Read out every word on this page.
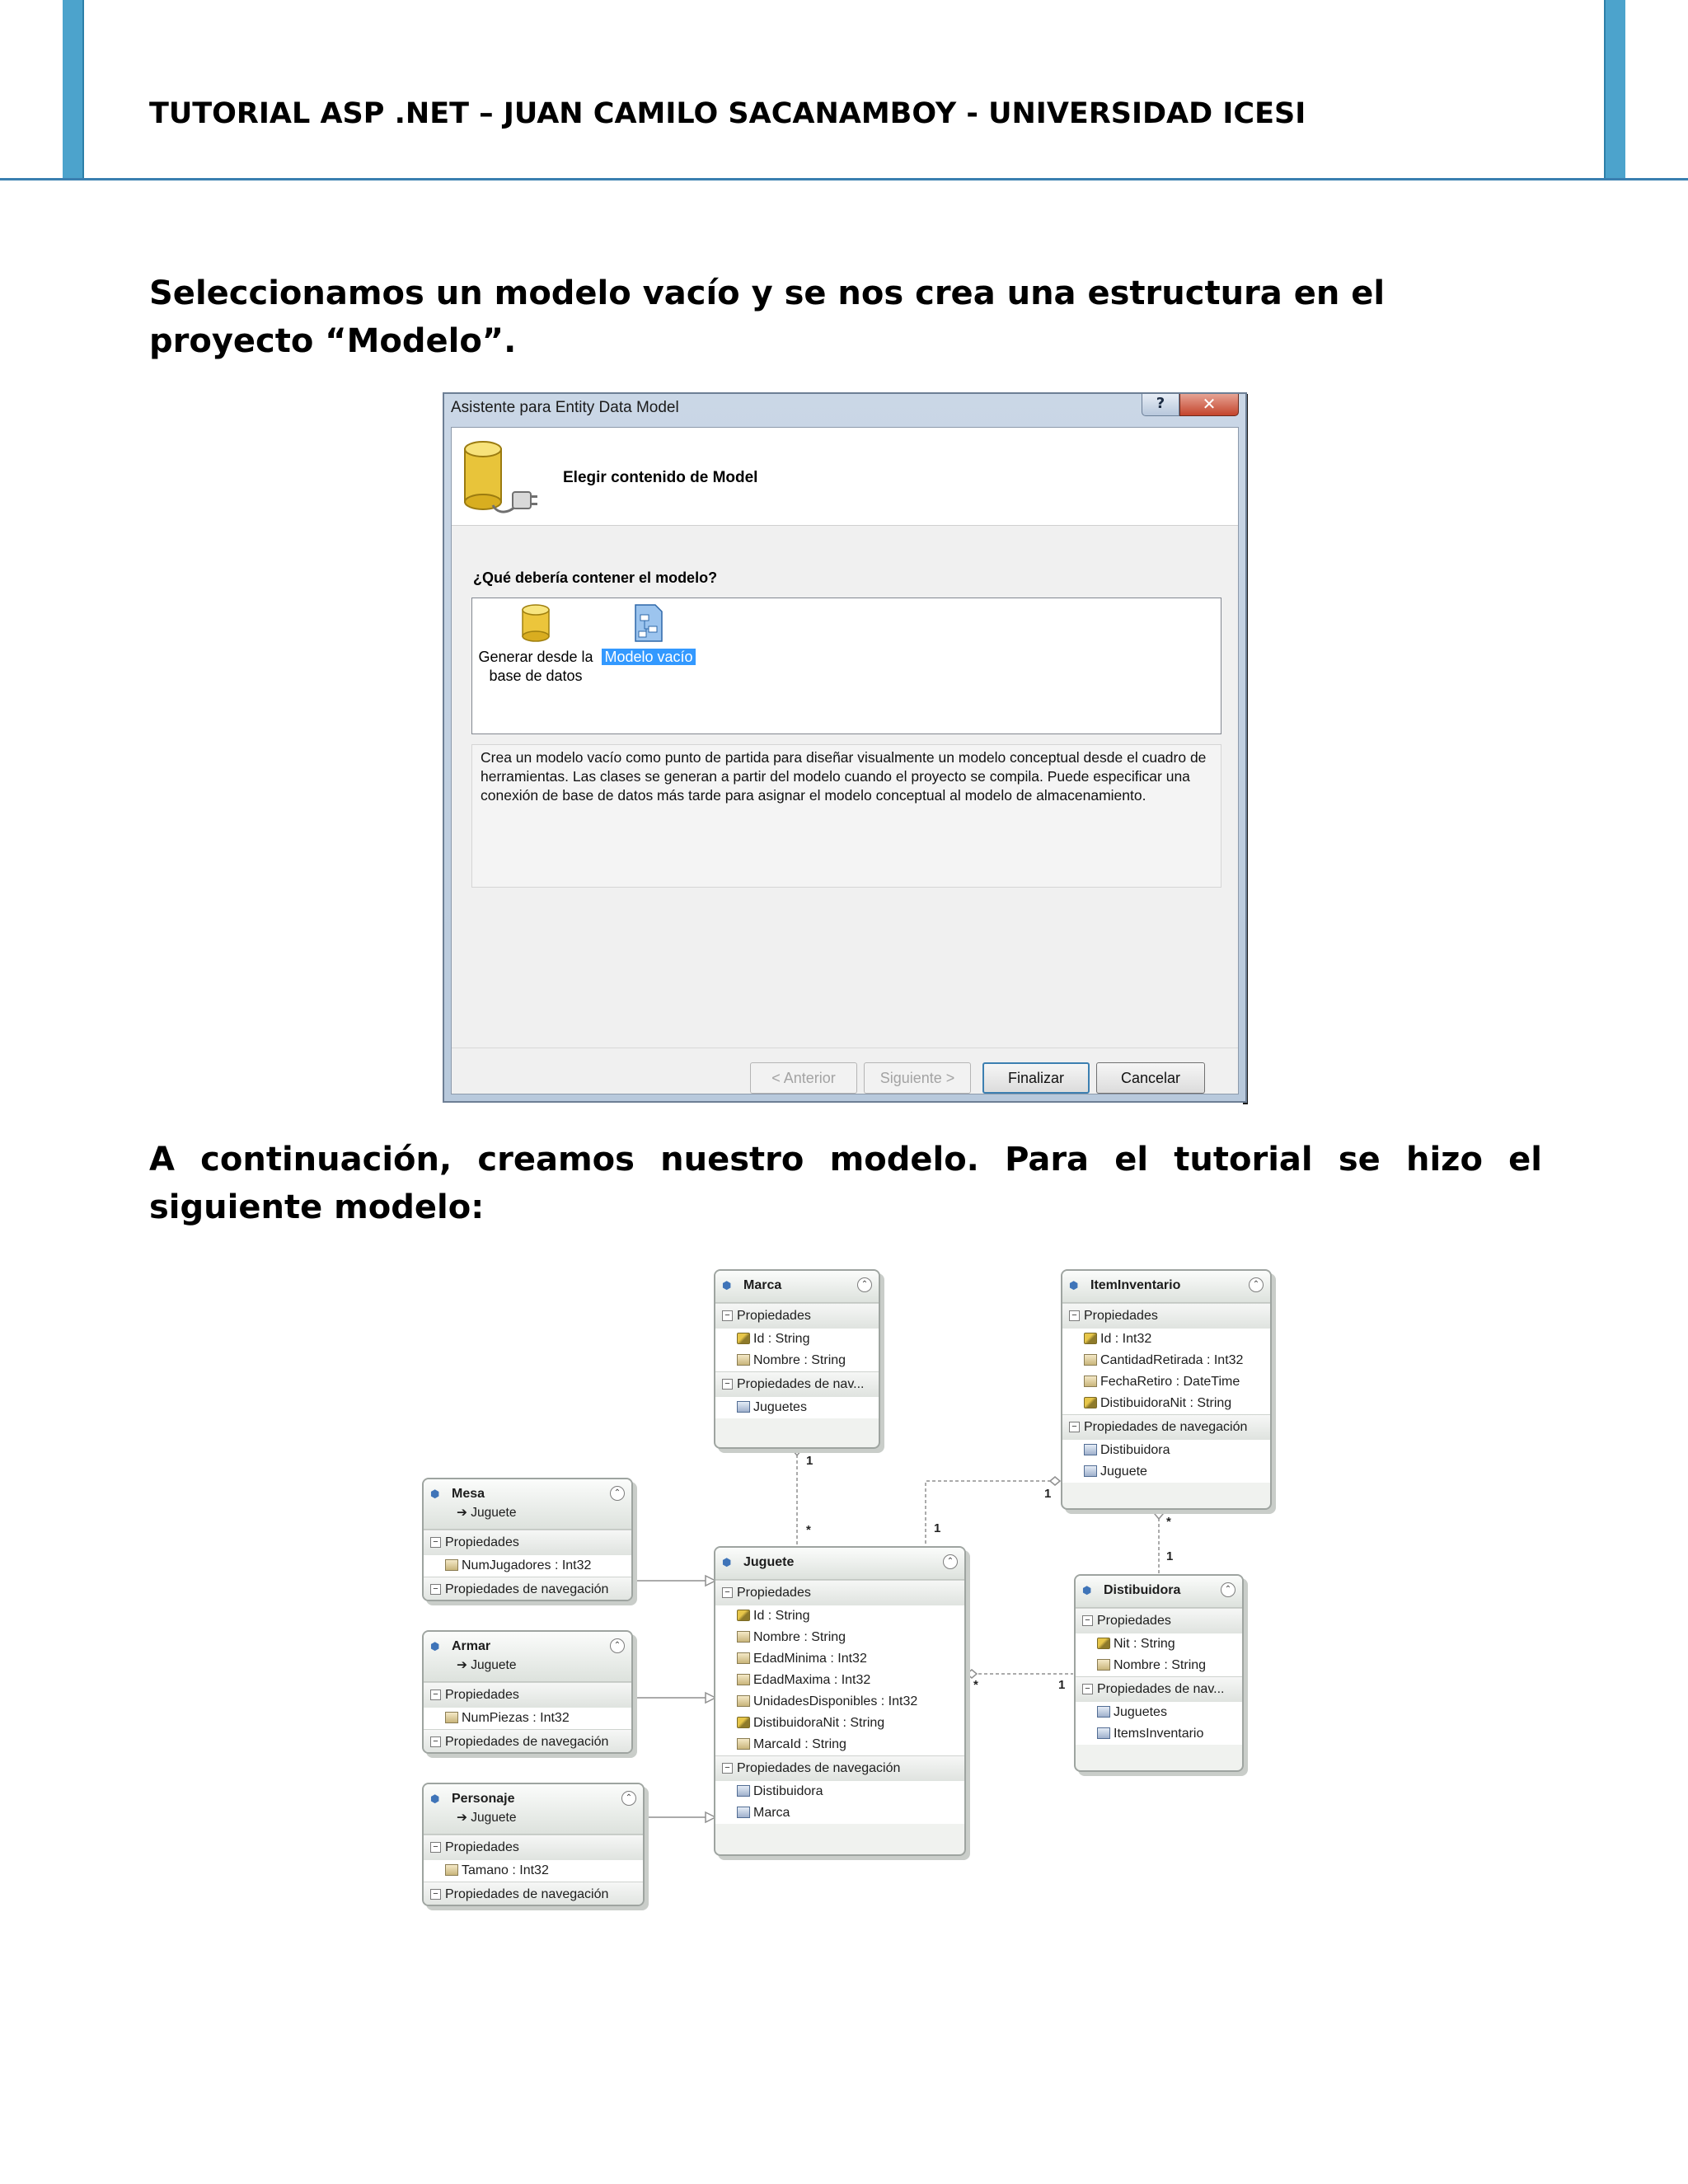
TUTORIAL ASP .NET – JUAN CAMILO SACANAMBOY - UNIVERSIDAD ICESI
Seleccionamos un modelo vacío y se nos crea una estructura en el proyecto “Modelo”.
Asistente para Entity Data Model	?	✕
Elegir contenido de Model
¿Qué debería contener el modelo?

Generar desde la
base de datos

Modelo vacío
Crea un modelo vacío como punto de partida para diseñar visualmente un modelo conceptual desde el cuadro de herramientas. Las clases se generan a partir del modelo cuando el proyecto se compila. Puede especificar una conexión de base de datos más tarde para asignar el modelo conceptual al modelo de almacenamiento.
< Anterior	Siguiente >	Finalizar	Cancelar
A continuación, creamos nuestro modelo. Para el tutorial se hizo el siguiente modelo:
1
*	1
1
*
1
*	1
⬢ Marca	⌃
− Propiedades
Id : String
Nombre : String
− Propiedades de nav...
Juguetes
⬢ ItemInventario	⌃
− Propiedades
Id : Int32
CantidadRetirada : Int32
FechaRetiro : DateTime
DistibuidoraNit : String
− Propiedades de navegación
Distibuidora
Juguete
⬢ Mesa
➔ Juguete
⌃
− Propiedades
NumJugadores : Int32
− Propiedades de navegación
⬢ Armar
➔ Juguete
⌃
− Propiedades
NumPiezas : Int32
− Propiedades de navegación
⬢ Personaje
➔ Juguete
⌃
− Propiedades
Tamano : Int32
− Propiedades de navegación
⬢ Juguete	⌃
− Propiedades
Id : String
Nombre : String
EdadMinima : Int32
EdadMaxima : Int32
UnidadesDisponibles : Int32
DistibuidoraNit : String
MarcaId : String
− Propiedades de navegación
Distibuidora
Marca
⬢ Distibuidora	⌃
− Propiedades
Nit : String
Nombre : String
− Propiedades de nav...
Juguetes
ItemsInventario
